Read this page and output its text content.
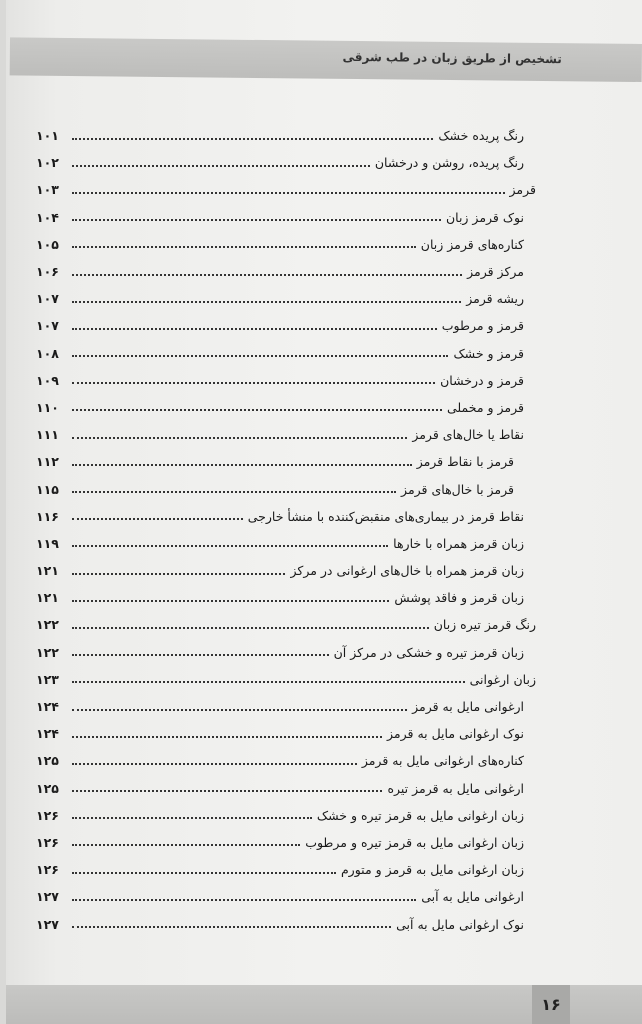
تشخیص از طریق زبان در طب شرقی
رنگ پریده خشک
۱۰۱
رنگ پریده، روشن و درخشان
۱۰۲
قرمز
۱۰۳
نوک قرمز زبان
۱۰۴
کناره‌های قرمز زبان
۱۰۵
مرکز قرمز
۱۰۶
ریشه قرمز
۱۰۷
قرمز و مرطوب
۱۰۷
قرمز و خشک
۱۰۸
قرمز و درخشان
۱۰۹
قرمز و مخملی
۱۱۰
نقاط یا خال‌های قرمز
۱۱۱
قرمز با نقاط قرمز
۱۱۲
قرمز با خال‌های قرمز
۱۱۵
نقاط قرمز در بیماری‌های منقبض‌کننده با منشأ خارجی
۱۱۶
زبان قرمز همراه با خارها
۱۱۹
زبان قرمز همراه با خال‌های ارغوانی در مرکز
۱۲۱
زبان قرمز و فاقد پوشش
۱۲۱
رنگ قرمز تیره زبان
۱۲۲
زبان قرمز تیره و خشکی در مرکز آن
۱۲۲
زبان ارغوانی
۱۲۳
ارغوانی مایل به قرمز
۱۲۴
نوک ارغوانی مایل به قرمز
۱۲۴
کناره‌های ارغوانی مایل به قرمز
۱۲۵
ارغوانی مایل به قرمز تیره
۱۲۵
زبان ارغوانی مایل به قرمز تیره و خشک
۱۲۶
زبان ارغوانی مایل به قرمز تیره و مرطوب
۱۲۶
زبان ارغوانی مایل به قرمز و متورم
۱۲۶
ارغوانی مایل به آبی
۱۲۷
نوک ارغوانی مایل به آبی
۱۲۷
۱۶
